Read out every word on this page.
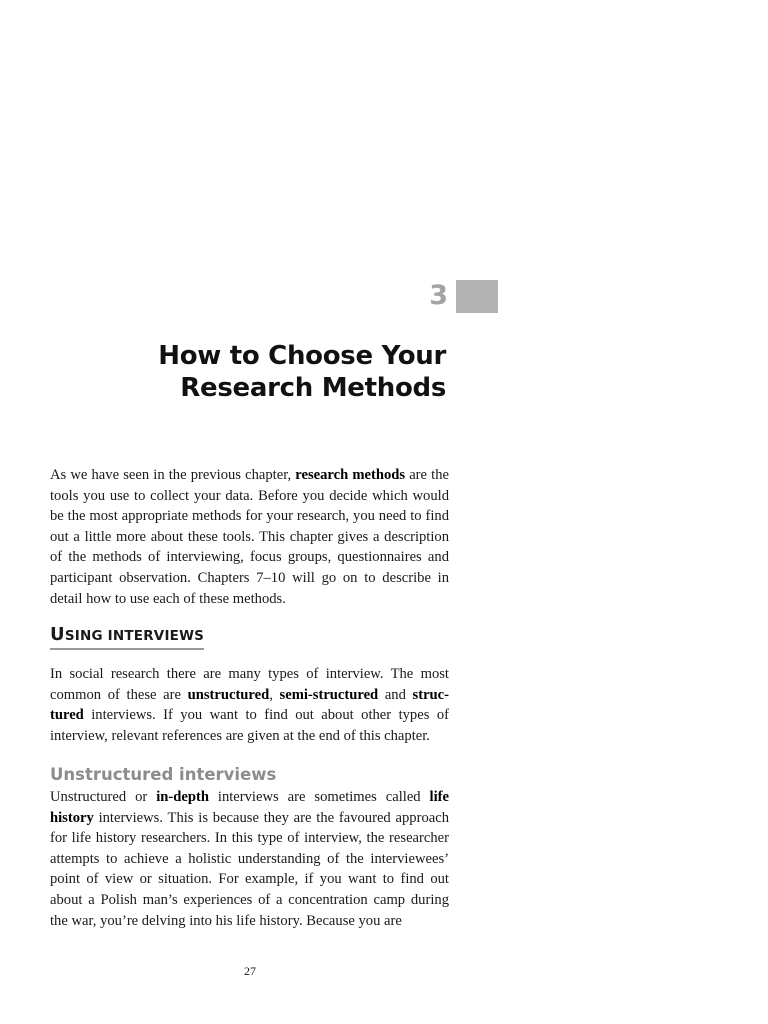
3
How to Choose Your
Research Methods

As we have seen in the previous chapter, research methods are the tools you use to collect your data. Before you decide which would be the most appropriate methods for your research, you need to find out a little more about these tools. This chapter gives a description of the methods of interviewing, focus groups, questionnaires and participant observation. Chapters 7–10 will go on to describe in detail how to use each of these methods.

USING INTERVIEWS

In social research there are many types of interview. The most common of these are unstructured, semi-structured and struc-tured interviews. If you want to find out about other types of interview, relevant references are given at the end of this chapter.

Unstructured interviews

Unstructured or in-depth interviews are sometimes called life history interviews. This is because they are the favoured approach for life history researchers. In this type of interview, the researcher attempts to achieve a holistic understanding of the interviewees’ point of view or situation. For example, if you want to find out about a Polish man’s experiences of a concentration camp during the war, you’re delving into his life history. Because you are

27
